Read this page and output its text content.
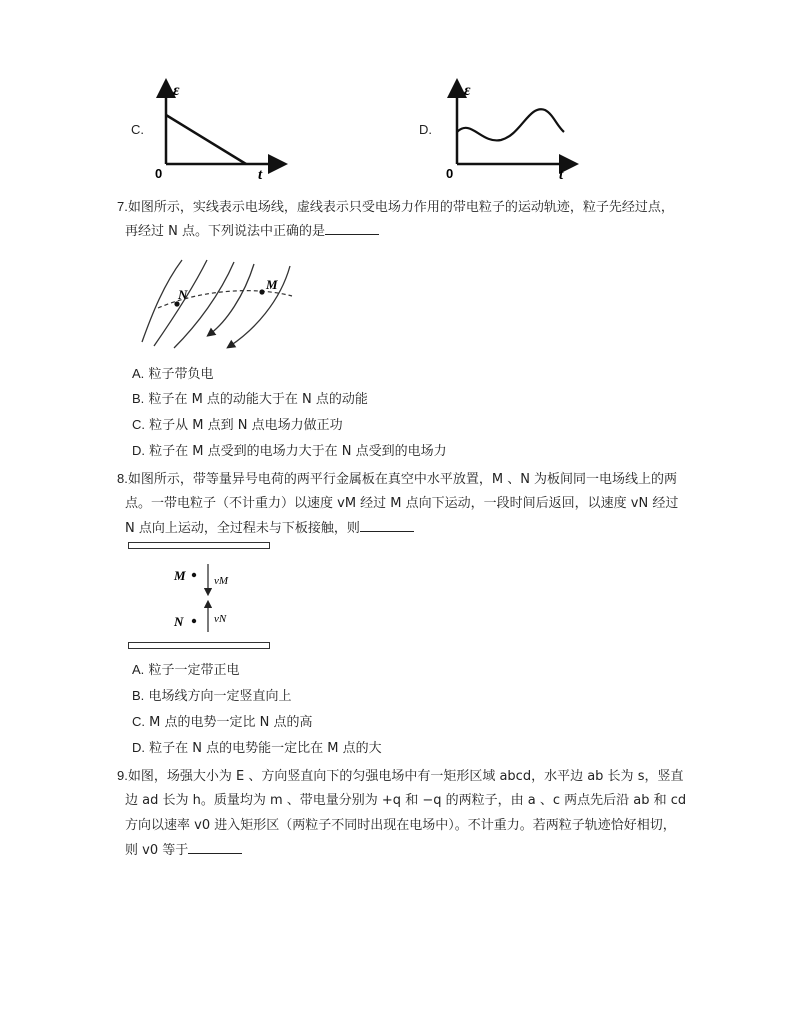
C.
ε
t
0
D.
ε
t
0
7.如图所示，实线表示电场线，虚线表示只受电场力作用的带电粒子的运动轨迹，粒子先经过点，
再经过 N 点。下列说法中正确的是
N
M
A. 粒子带负电
B. 粒子在 M 点的动能大于在 N 点的动能
C. 粒子从 M 点到 N 点电场力做正功
D. 粒子在 M 点受到的电场力大于在 N 点受到的电场力
8.如图所示，带等量异号电荷的两平行金属板在真空中水平放置，M 、N 为板间同一电场线上的两
点。一带电粒子（不计重力）以速度 vM 经过 M 点向下运动，一段时间后返回，以速度 vN 经过
N 点向上运动，全过程未与下板接触，则
M	vM
N	vN
A. 粒子一定带正电
B. 电场线方向一定竖直向上
C. M 点的电势一定比 N 点的高
D. 粒子在 N 点的电势能一定比在 M 点的大
9.如图，场强大小为 E 、方向竖直向下的匀强电场中有一矩形区域 abcd，水平边 ab 长为 s，竖直
边 ad 长为 h。质量均为 m 、带电量分别为 +q 和 −q 的两粒子，由 a 、c 两点先后沿 ab 和 cd
方向以速率 v0 进入矩形区（两粒子不同时出现在电场中）。不计重力。若两粒子轨迹恰好相切，
则 v0 等于
